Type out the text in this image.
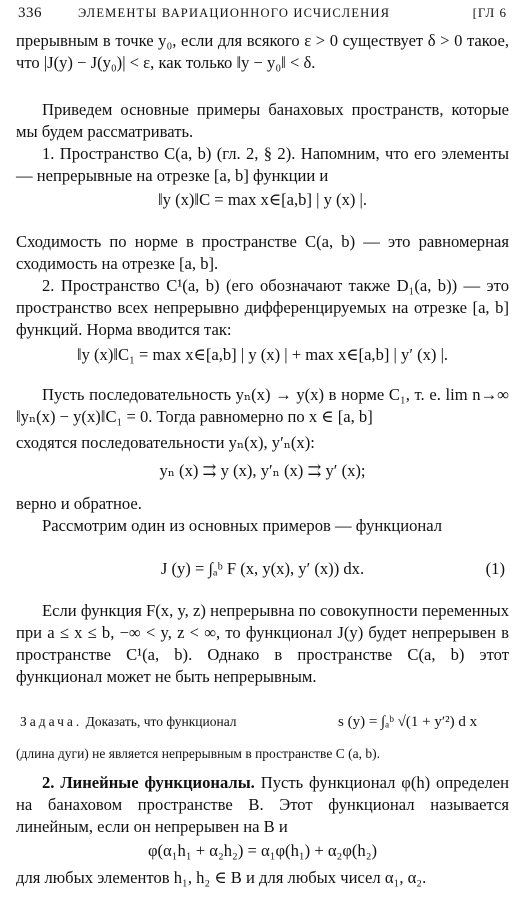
336	ЭЛЕМЕНТЫ ВАРИАЦИОННОГО ИСЧИСЛЕНИЯ	[ГЛ 6

прерывным в точке y₀, если для всякого ε > 0 существует δ > 0 такое, что |J(y) − J(y₀)| < ε, как только ‖y − y₀‖ < δ.

Приведем основные примеры банаховых пространств, которые мы будем рассматривать.

1. Пространство C(a, b) (гл. 2, § 2). Напомним, что его элементы — непрерывные на отрезке [a, b] функции и

‖y (x)‖C = max x∈[a,b] | y (x) |.

Сходимость по норме в пространстве C(a, b) — это равномерная сходимость на отрезке [a, b].

2. Пространство C¹(a, b) (его обозначают также D₁(a, b)) — это пространство всех непрерывно дифференцируемых на отрезке [a, b] функций. Норма вводится так:

‖y (x)‖C₁ = max x∈[a,b] | y (x) | + max x∈[a,b] | y′ (x) |.

Пусть последовательность yₙ(x) → y(x) в норме C₁, т. е. lim n→∞ ‖yₙ(x) − y(x)‖C₁ = 0. Тогда равномерно по x ∈ [a, b]

сходятся последовательности yₙ(x), y′ₙ(x):

yₙ (x) ⇉ y (x), y′ₙ (x) ⇉ y′ (x);

верно и обратное.

Рассмотрим один из основных примеров — функционал

J (y) = ∫ₐᵇ F (x, y(x), y′ (x)) dx.	(1)

Если функция F(x, y, z) непрерывна по совокупности переменных при a ≤ x ≤ b, −∞ < y, z < ∞, то функционал J(y) будет непрерывен в пространстве C¹(a, b). Однако в пространстве C(a, b) этот функционал может не быть непрерывным.

Задача. Доказать, что функционал	s (y) = ∫ₐᵇ √(1 + y′²) d x

(длина дуги) не является непрерывным в пространстве C (a, b).

2. Линейные функционалы. Пусть функционал φ(h) определен на банаховом пространстве B. Этот функционал называется линейным, если он непрерывен на B и

φ(α₁h₁ + α₂h₂) = α₁φ(h₁) + α₂φ(h₂)

для любых элементов h₁, h₂ ∈ B и для любых чисел α₁, α₂.
